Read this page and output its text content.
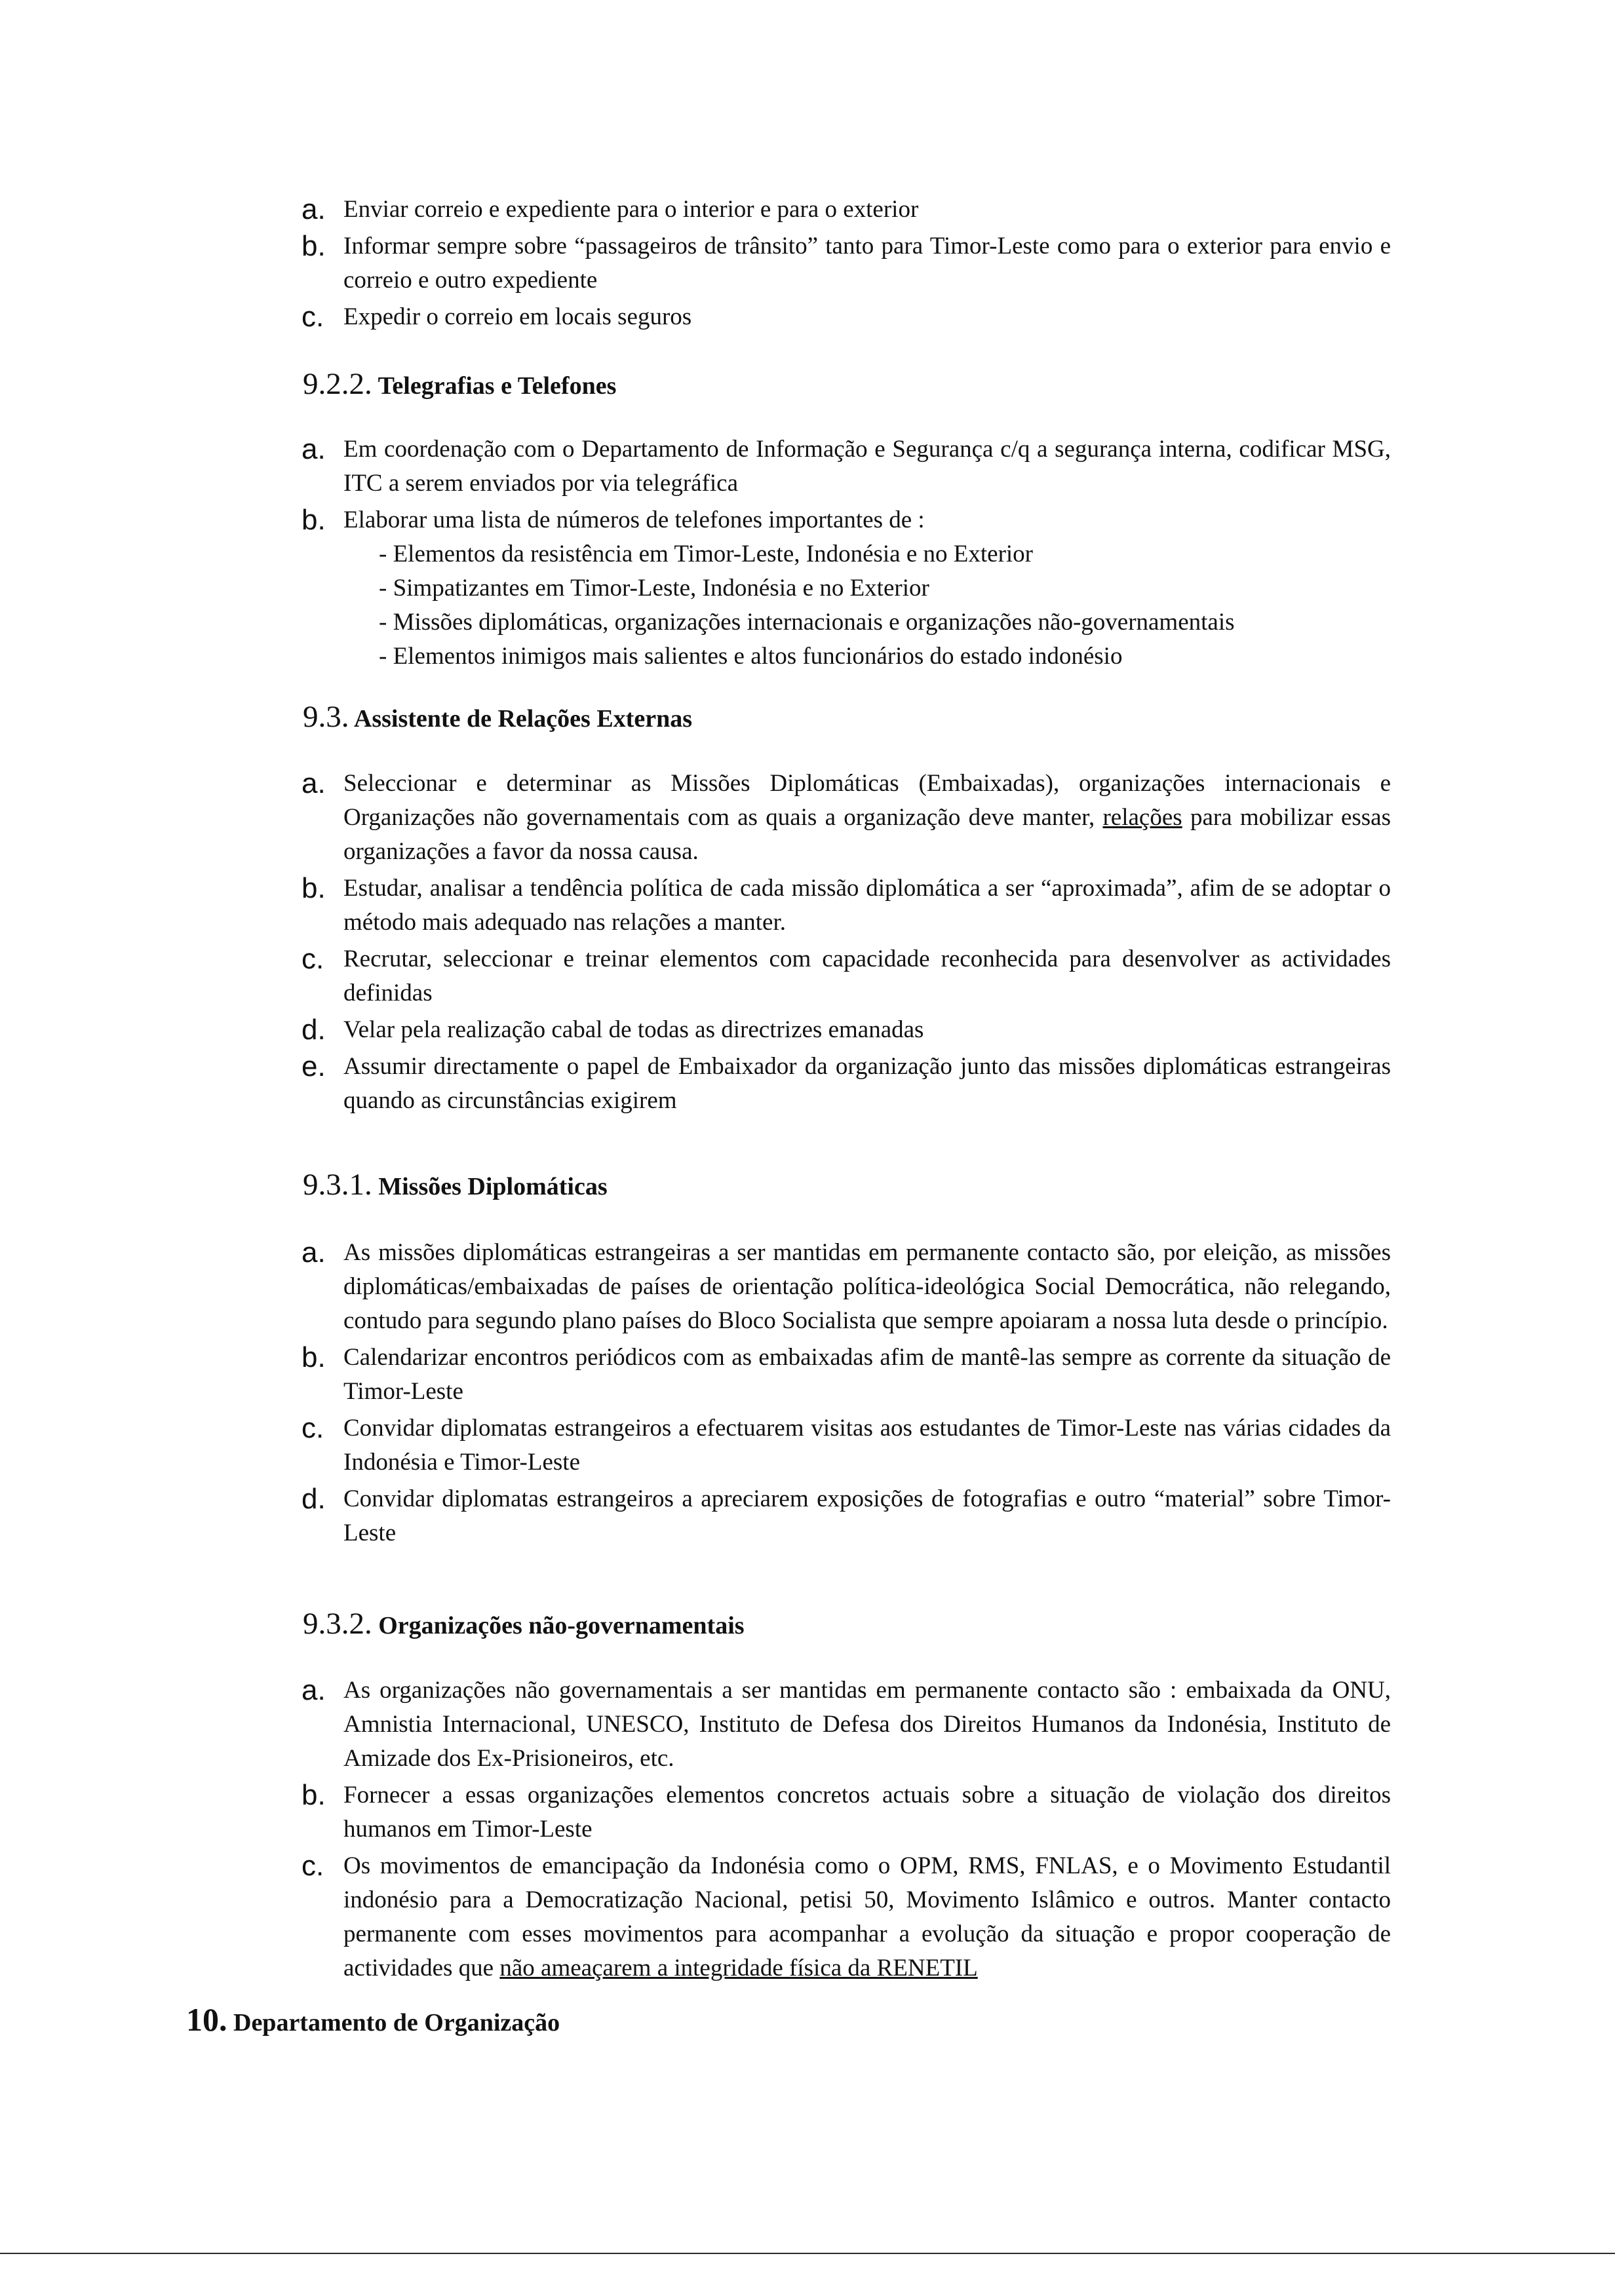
a. Enviar correio e expediente para o interior e para o exterior
b. Informar sempre sobre “passageiros de trânsito” tanto para Timor-Leste como para o exterior para envio e correio e outro expediente
c. Expedir o correio em locais seguros
9.2.2. Telegrafias e Telefones
a. Em coordenação com o Departamento de Informação e Segurança c/q a segurança interna, codificar MSG, ITC a serem enviados por via telegráfica
b. Elaborar uma lista de números de telefones importantes de :
- Elementos da resistência em Timor-Leste, Indonésia e no Exterior
- Simpatizantes em Timor-Leste, Indonésia e no Exterior
- Missões diplomáticas, organizações internacionais e organizações não-governamentais
- Elementos inimigos mais salientes e altos funcionários do estado indonésio
9.3. Assistente de Relações Externas
a. Seleccionar e determinar as Missões Diplomáticas (Embaixadas), organizações internacionais e Organizações não governamentais com as quais a organização deve manter, relações para mobilizar essas organizações a favor da nossa causa.
b. Estudar, analisar a tendência política de cada missão diplomática a ser “aproximada”, afim de se adoptar o método mais adequado nas relações a manter.
c. Recrutar, seleccionar e treinar elementos com capacidade reconhecida para desenvolver as actividades definidas
d. Velar pela realização cabal de todas as directrizes emanadas
e. Assumir directamente o papel de Embaixador da organização junto das missões diplomáticas estrangeiras quando as circunstâncias exigirem
9.3.1. Missões Diplomáticas
a. As missões diplomáticas estrangeiras a ser mantidas em permanente contacto são, por eleição, as missões diplomáticas/embaixadas de países de orientação política-ideológica Social Democrática, não relegando, contudo para segundo plano países do Bloco Socialista que sempre apoiaram a nossa luta desde o princípio.
b. Calendarizar encontros periódicos com as embaixadas afim de mantê-las sempre as corrente da situação de Timor-Leste
c. Convidar diplomatas estrangeiros a efectuarem visitas aos estudantes de Timor-Leste nas várias cidades da Indonésia e Timor-Leste
d. Convidar diplomatas estrangeiros a apreciarem exposições de fotografias e outro “material” sobre Timor-Leste
9.3.2. Organizações não-governamentais
a. As organizações não governamentais a ser mantidas em permanente contacto são : embaixada da ONU, Amnistia Internacional, UNESCO, Instituto de Defesa dos Direitos Humanos da Indonésia, Instituto de Amizade dos Ex-Prisioneiros, etc.
b. Fornecer a essas organizações elementos concretos actuais sobre a situação de violação dos direitos humanos em Timor-Leste
c. Os movimentos de emancipação da Indonésia como o OPM, RMS, FNLAS, e o Movimento Estudantil indonésio para a Democratização Nacional, petisi 50, Movimento Islâmico e outros. Manter contacto permanente com esses movimentos para acompanhar a evolução da situação e propor cooperação de actividades que não ameaçarem a integridade física da RENETIL
10. Departamento de Organização
